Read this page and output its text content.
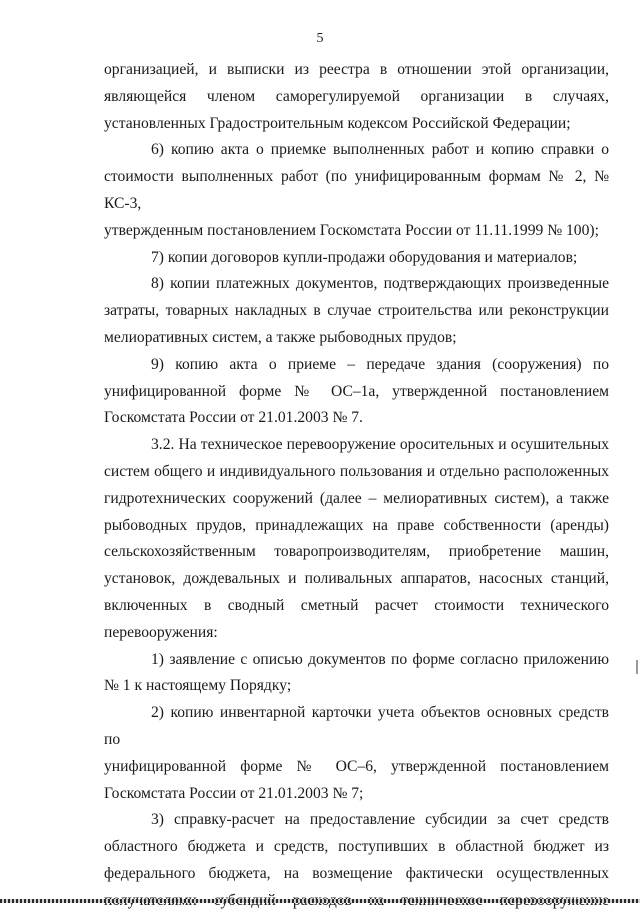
5

организацией, и выписки из реестра в отношении этой организации,
являющейся членом саморегулируемой организации в случаях,
установленных Градостроительным кодексом Российской Федерации;

6) копию акта о приемке выполненных работ и копию справки о
стоимости выполненных работ (по унифицированным формам № 2, № КС-3,
утвержденным постановлением Госкомстата России от 11.11.1999 № 100);

7) копии договоров купли-продажи оборудования и материалов;

8) копии платежных документов, подтверждающих произведенные
затраты, товарных накладных в случае строительства или реконструкции
мелиоративных систем, а также рыбоводных прудов;

9) копию акта о приеме – передаче здания (сооружения) по
унифицированной форме № ОС–1а, утвержденной постановлением
Госкомстата России от 21.01.2003 № 7.

3.2. На техническое перевооружение оросительных и осушительных
систем общего и индивидуального пользования и отдельно расположенных
гидротехнических сооружений (далее – мелиоративных систем), а также
рыбоводных прудов, принадлежащих на праве собственности (аренды)
сельскохозяйственным товаропроизводителям, приобретение машин,
установок, дождевальных и поливальных аппаратов, насосных станций,
включенных в сводный сметный расчет стоимости технического
перевооружения:

1) заявление с описью документов по форме согласно приложению
№ 1 к настоящему Порядку;

2) копию инвентарной карточки учета объектов основных средств по
унифицированной форме № ОС–6, утвержденной постановлением
Госкомстата России от 21.01.2003 № 7;

3) справку-расчет на предоставление субсидии за счет средств
областного бюджета и средств, поступивших в областной бюджет из
федерального бюджета, на возмещение фактически осуществленных
